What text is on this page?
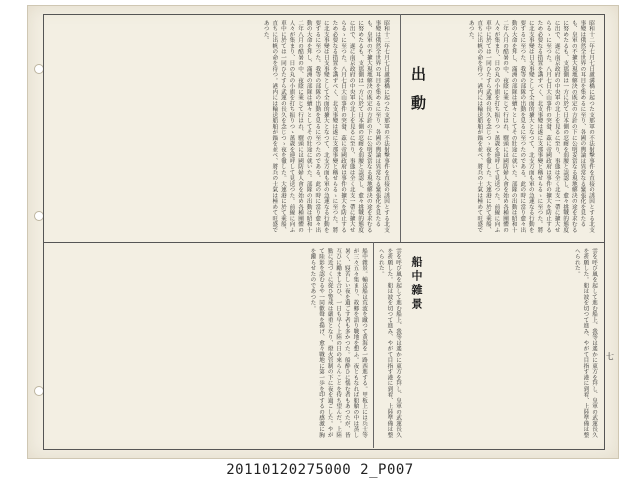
昭和十二年七月七日盧溝橋に起つた支那軍の不法射撃事件を直接の誘因とする北支事變は俄然全世界の耳目を集めるに至り、各國の輿論は異常なる緊張化を見たるも、皇軍の不擴大現地解決の既定の方針の下に公明妥當なる現地解決の途を求むるに努めたるも、支那側は一方に於て日本側の忍耐を弱腰と誤認し、愈々挑戰的態度に出で、遂に南京政府の中央軍の北上を見るに至り、事態は全く北支一帶に擴大せらるゝに至つた。八月七日大山事件の突發、茲に帝國政府は事件の擴大を防止するため必要なる措置を講ずべく、北支事變は遂に支那事變と稱せらるゝに至つた。將に北支事變は日支事變として全面的擴大となつて、北支方面も軍の急速なる行動を要するに至つた。我等の部隊の出動を見るに至つたのである。此の時に當り愈々出動の大命を拜し、滿洲の部隊は續々としてその壯途に就いた。部隊の出動は昭和十二年八月の酷暑の中、夜陰に乘じて行はれ、驛頭には國防婦人會を始め各種團體の人々が集まり、日の丸の小旗を打ち振りつゝ萬歳を連呼して見送つた。前線に向ふ車中に於ては一同ひたすら武運の長久を念じつゝ夜を徹した。大連港に於て乘船、直ちに出帆の命を待つ。港内には輸送船舶が錨を並べ、將兵の士氣は極めて旺盛であつた。
出動	昭和十二年七月七日盧溝橋に起つた支那軍の不法射撃事件を直接の誘因とする北支事變は俄然全世界の耳目を集めるに至り、各國の輿論は異常なる緊張化を見たるも、皇軍の不擴大現地解決の既定の方針の下に公明妥當なる現地解決の途を求むるに努めたるも、支那側は一方に於て日本側の忍耐を弱腰と誤認し、愈々挑戰的態度に出で、遂に南京政府の中央軍の北上を見るに至り、事態は全く北支一帶に擴大せらるゝに至つた。八月七日大山事件の突發、茲に帝國政府は事件の擴大を防止するため必要なる措置を講ずべく、北支事變は遂に支那事變と稱せらるゝに至つた。將に北支事變は日支事變として全面的擴大となつて、北支方面も軍の急速なる行動を要するに至つた。我等の部隊の出動を見るに至つたのである。此の時に當り愈々出動の大命を拜し、滿洲の部隊は續々としてその壯途に就いた。部隊の出動は昭和十二年八月の酷暑の中、夜陰に乘じて行はれ、驛頭には國防婦人會を始め各種團體の人々が集まり、日の丸の小旗を打ち振りつゝ萬歳を連呼して見送つた。前線に向ふ車中に於ては一同ひたすら武運の長久を念じつゝ夜を徹した。大連港に於て乘船、直ちに出帆の命を待つ。港内には輸送船舶が錨を並べ、將兵の士氣は極めて旺盛であつた。
船中雜景。輸送船は荒波を蹴つて黄海を一路西進する。甲板上には兵士等が三々五々集まり、故郷を語り戰地を想ふ。夜ともなれば船艙の中は蒸し暑く、寢苦しい夜を過ごす者も多かつた。船酔ひに惱む者もあつたが、皆互ひに勵まし合ひ、一日も早く上陸の日の來らんことを待ち望んだ。上陸點に近づくに從ひ警戒は嚴重となり、燈火管制の下に夜を過ごした。やがて陸影を認むるや一同歡聲を揚げ、愈々戰地に第一歩を印するの感激に胸を躍らせたのであつた。	船中雜景
雲を呼び風を起して進む船上、我等は遙かに東方を拜し、皇軍の武運長久を祈願した。船は波を切つて進み、やがて目指す港に到着、上陸準備は整へられた。	雲を呼び風を起して進む船上、我等は遙かに東方を拜し、皇軍の武運長久を祈願した。船は波を切つて進み、やがて目指す港に到着、上陸準備は整へられた。
七
20110120275000 2_P007
